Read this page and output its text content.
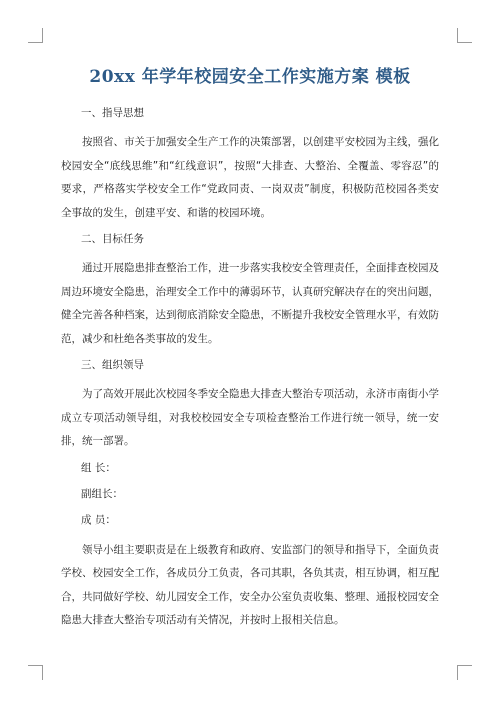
20xx 年学年校园安全工作实施方案 模板
一、指导思想

按照省、市关于加强安全生产工作的决策部署，以创建平安校园为主线，强化校园安全“底线思维”和“红线意识”，按照“大排查、大整治、全覆盖、零容忍”的要求，严格落实学校安全工作“党政同责、一岗双责”制度，积极防范校园各类安全事故的发生，创建平安、和谐的校园环境。

二、目标任务

通过开展隐患排查整治工作，进一步落实我校安全管理责任，全面排查校园及周边环境安全隐患，治理安全工作中的薄弱环节，认真研究解决存在的突出问题，健全完善各种档案，达到彻底消除安全隐患，不断提升我校安全管理水平，有效防范，减少和杜绝各类事故的发生。

三、组织领导

为了高效开展此次校园冬季安全隐患大排查大整治专项活动，永济市南街小学成立专项活动领导组，对我校校园安全专项检查整治工作进行统一领导，统一安排，统一部署。

组 长：
副组长：
成 员：

领导小组主要职责是在上级教育和政府、安监部门的领导和指导下，全面负责学校、校园安全工作，各成员分工负责，各司其职，各负其责，相互协调，相互配合，共同做好学校、幼儿园安全工作，安全办公室负责收集、整理、通报校园安全隐患大排查大整治专项活动有关情况，并按时上报相关信息。
